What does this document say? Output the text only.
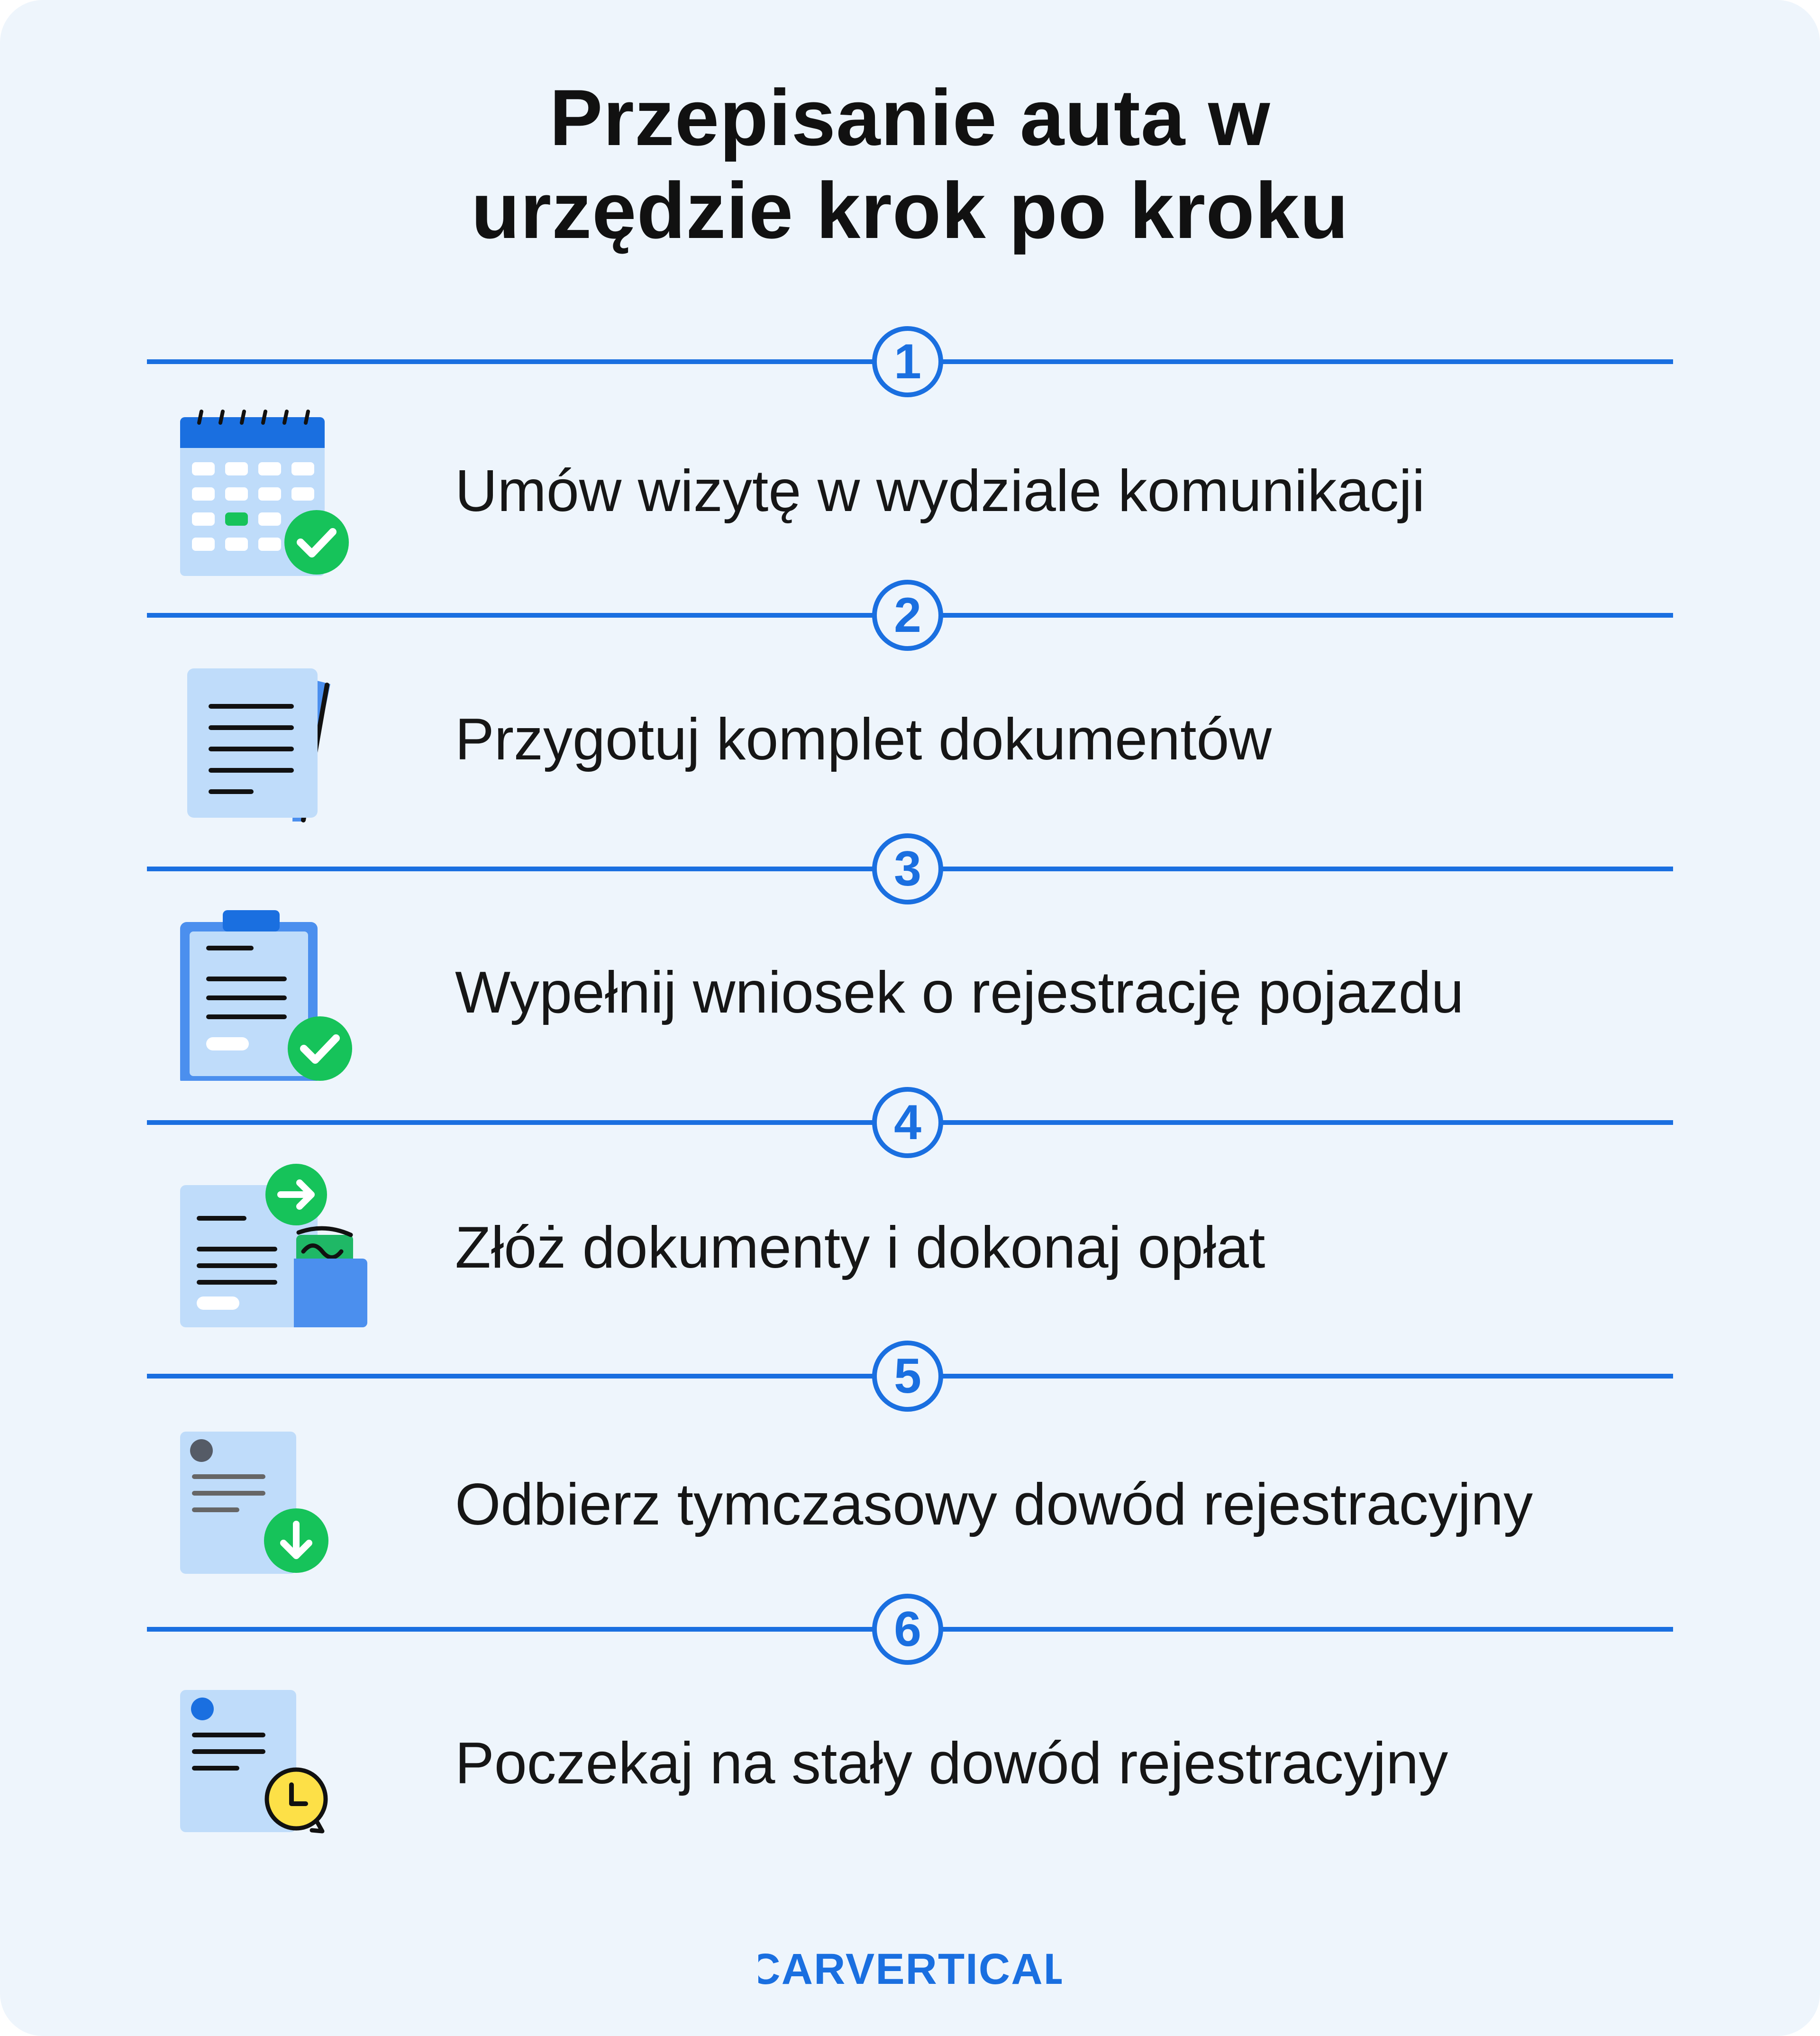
Przepisanie auta w
urzędzie krok po kroku
1
Umów wizytę w wydziale komunikacji
2
Przygotuj komplet dokumentów
3
Wypełnij wniosek o rejestrację pojazdu
4
Złóż dokumenty i dokonaj opłat
5
Odbierz tymczasowy dowód rejestracyjny
6
Poczekaj na stały dowód rejestracyjny
CARVERTICAL
